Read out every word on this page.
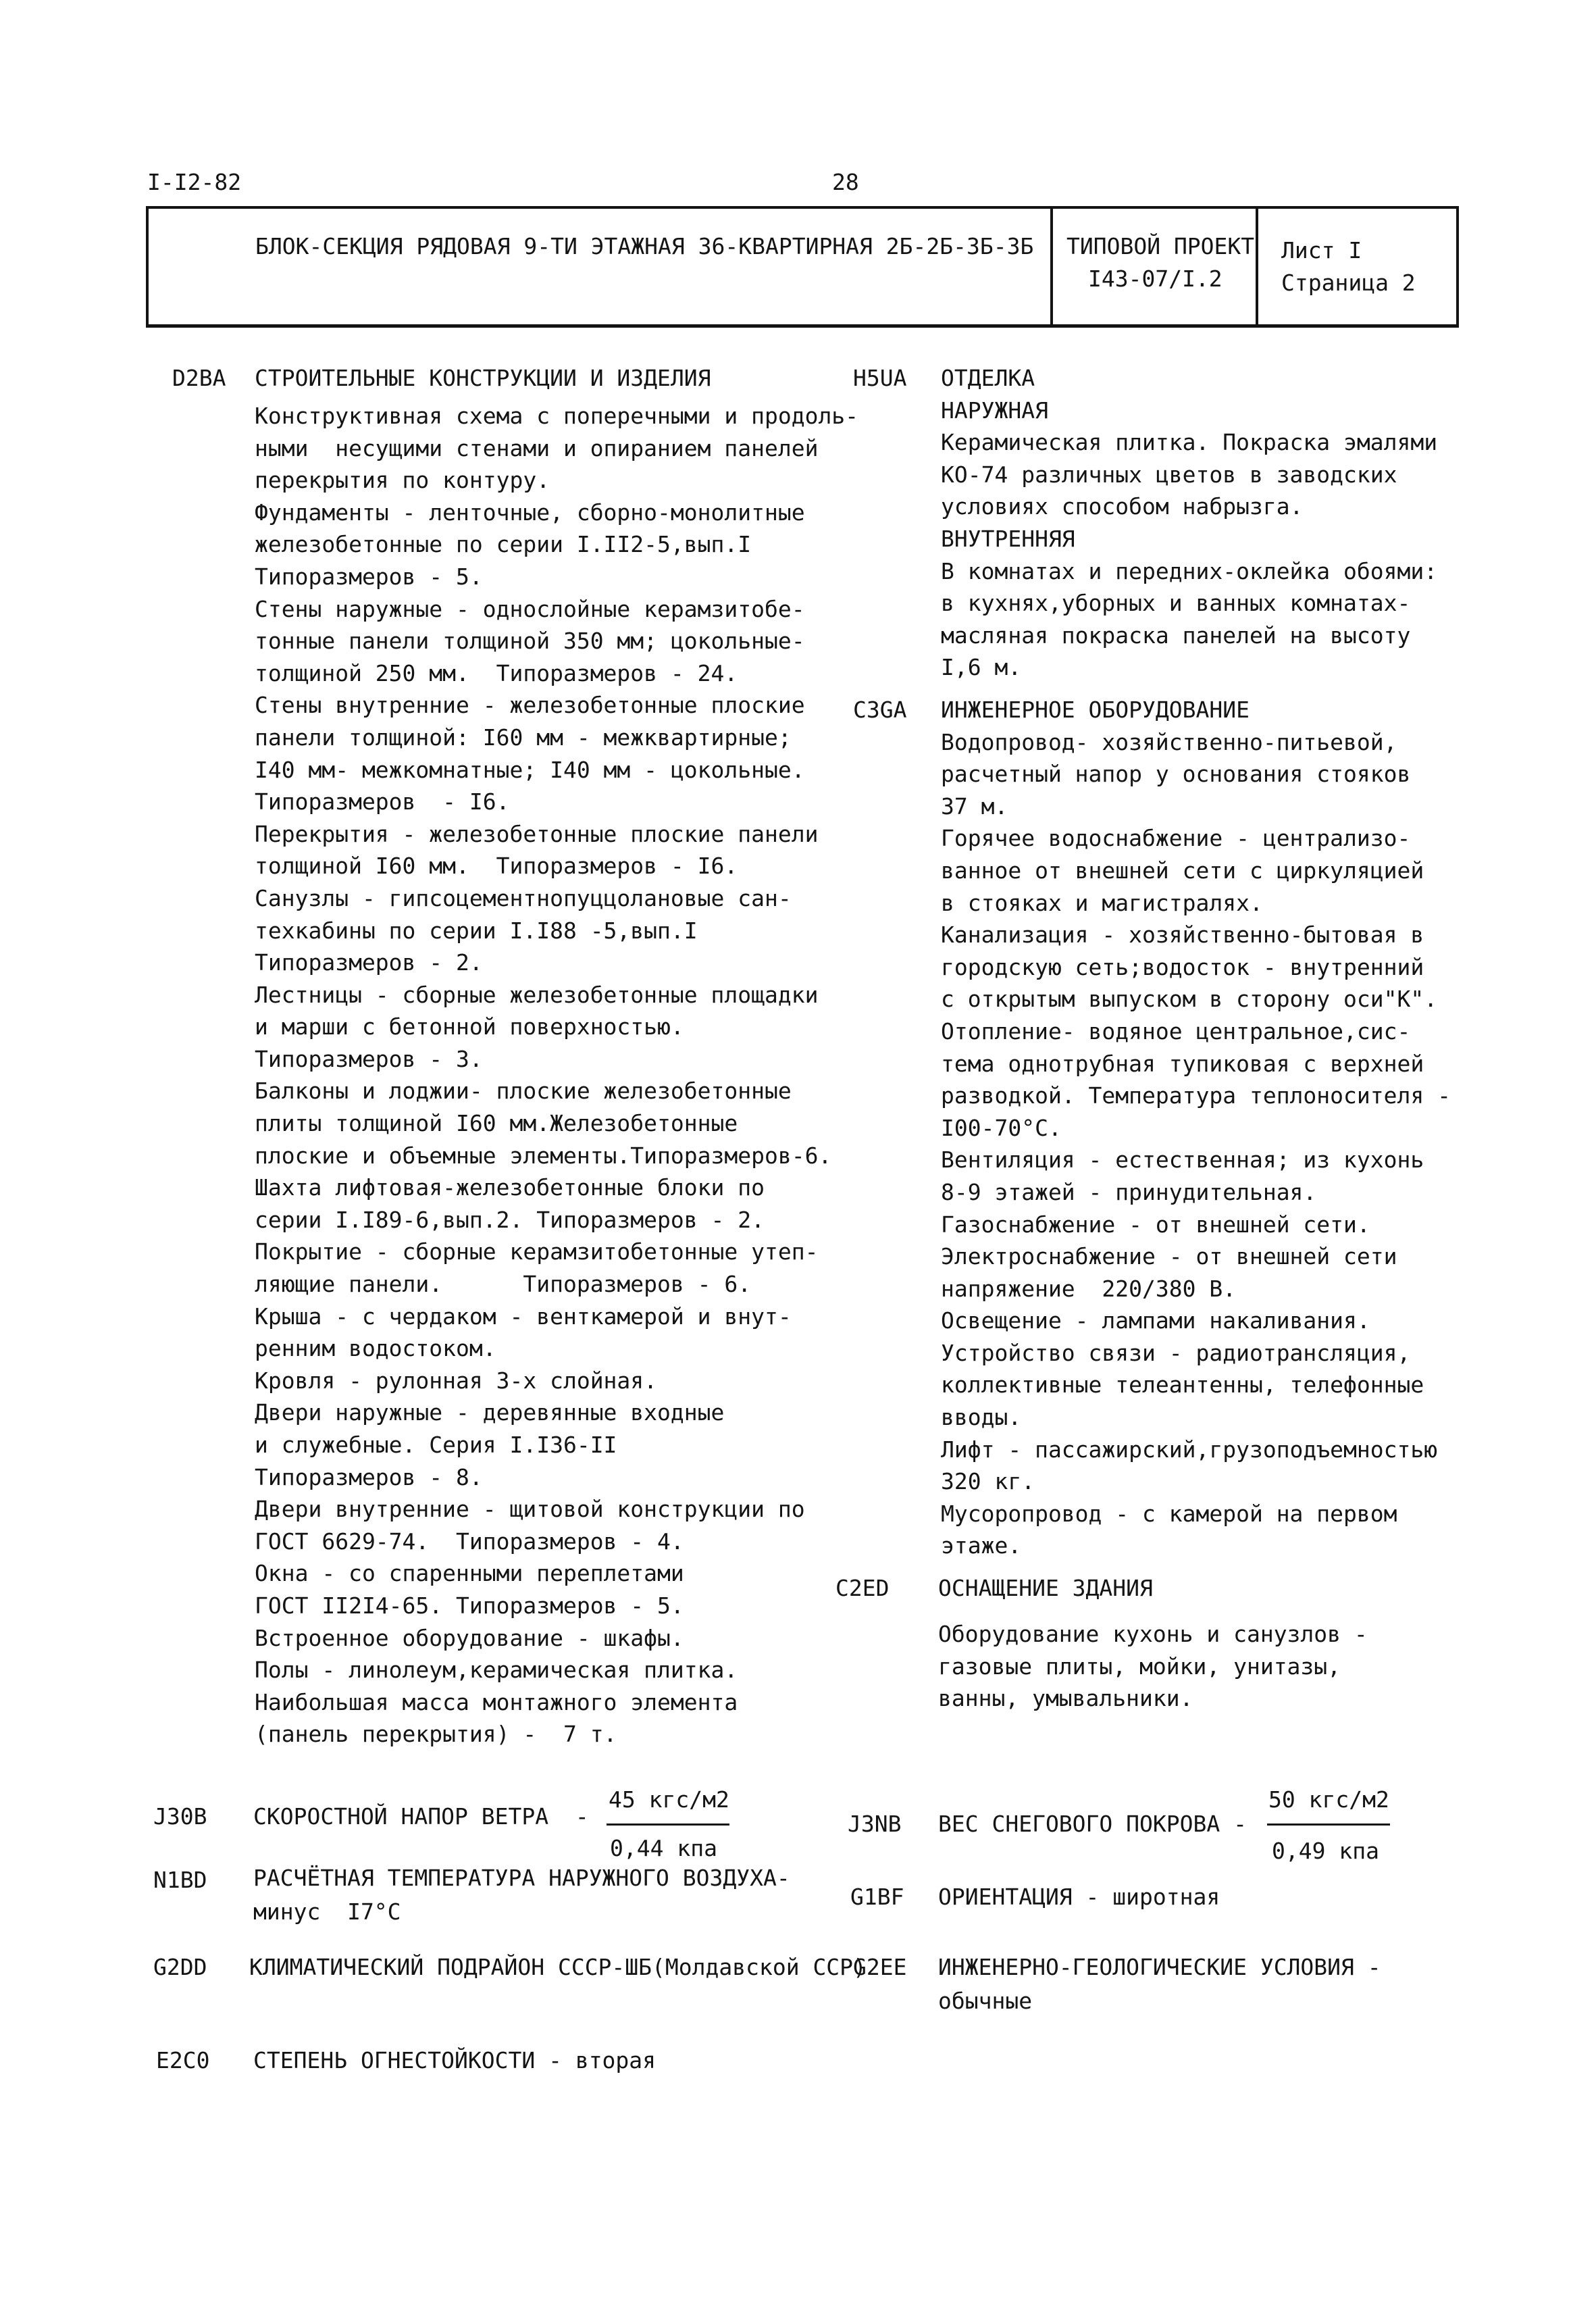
I-I2-82	28
БЛОК-СЕКЦИЯ РЯДОВАЯ 9-ТИ ЭТАЖНАЯ 36-КВАРТИРНАЯ 2Б-2Б-3Б-3Б ТИПОВОЙ ПРОЕКТ
I43-07/I.2
Лист I
Страница 2
D2BA СТРОИТЕЛЬНЫЕ КОНСТРУКЦИИ И ИЗДЕЛИЯ
Конструктивная схема с поперечными и продоль-
ными  несущими стенами и опиранием панелей
перекрытия по контуру.
Фундаменты - ленточные, сборно-монолитные
железобетонные по серии I.II2-5,вып.I
Типоразмеров - 5.
Стены наружные - однослойные керамзитобе-
тонные панели толщиной 350 мм; цокольные-
толщиной 250 мм.  Типоразмеров - 24.
Стены внутренние - железобетонные плоские
панели толщиной: I60 мм - межквартирные;
I40 мм- межкомнатные; I40 мм - цокольные.
Типоразмеров  - I6.
Перекрытия - железобетонные плоские панели
толщиной I60 мм.  Типоразмеров - I6.
Санузлы - гипсоцементнопуццолановые сан-
техкабины по серии I.I88 -5,вып.I
Типоразмеров - 2.
Лестницы - сборные железобетонные площадки
и марши с бетонной поверхностью.
Типоразмеров - 3.
Балконы и лоджии- плоские железобетонные
плиты толщиной I60 мм.Железобетонные
плоские и объемные элементы.Типоразмеров-6.
Шахта лифтовая-железобетонные блоки по
серии I.I89-6,вып.2. Типоразмеров - 2.
Покрытие - сборные керамзитобетонные утеп-
ляющие панели.      Типоразмеров - 6.
Крыша - с чердаком - венткамерой и внут-
ренним водостоком.
Кровля - рулонная 3-х слойная.
Двери наружные - деревянные входные
и служебные. Серия I.I36-II
Типоразмеров - 8.
Двери внутренние - щитовой конструкции по
ГОСТ 6629-74.  Типоразмеров - 4.
Окна - со спаренными переплетами
ГОСТ II2I4-65. Типоразмеров - 5.
Встроенное оборудование - шкафы.
Полы - линолеум,керамическая плитка.
Наибольшая масса монтажного элемента
(панель перекрытия) -  7 т.
H5UA ОТДЕЛКА
НАРУЖНАЯ
Керамическая плитка. Покраска эмалями
КО-74 различных цветов в заводских
условиях способом набрызга.
ВНУТРЕННЯЯ
В комнатах и передних-оклейка обоями:
в кухнях,уборных и ванных комнатах-
масляная покраска панелей на высоту
I,6 м.
C3GA ИНЖЕНЕРНОЕ ОБОРУДОВАНИЕ
Водопровод- хозяйственно-питьевой,
расчетный напор у основания стояков
37 м.
Горячее водоснабжение - централизо-
ванное от внешней сети с циркуляцией
в стояках и магистралях.
Канализация - хозяйственно-бытовая в
городскую сеть;водосток - внутренний
с открытым выпуском в сторону оси"К".
Отопление- водяное центральное,сис-
тема однотрубная тупиковая с верхней
разводкой. Температура теплоносителя -
I00-70°C.
Вентиляция - естественная; из кухонь
8-9 этажей - принудительная.
Газоснабжение - от внешней сети.
Электроснабжение - от внешней сети
напряжение  220/380 В.
Освещение - лампами накаливания.
Устройство связи - радиотрансляция,
коллективные телеантенны, телефонные
вводы.
Лифт - пассажирский,грузоподъемностью
320 кг.
Мусоропровод - с камерой на первом
этаже.
C2ED ОСНАЩЕНИЕ ЗДАНИЯ
Оборудование кухонь и санузлов -
газовые плиты, мойки, унитазы,
ванны, умывальники.
J30B СКОРОСТНОЙ НАПОР ВЕТРА  -
45 кгс/м2
0,44 кпа
J3NB ВЕС СНЕГОВОГО ПОКРОВА -
50 кгс/м2
0,49 кпа
N1BD РАСЧЁТНАЯ ТЕМПЕРАТУРА НАРУЖНОГО ВОЗДУХА-
минус  I7°C
G1BF ОРИЕНТАЦИЯ - широтная
G2DD КЛИМАТИЧЕСКИЙ ПОДРАЙОН СССР-ШБ(Молдавской ССР)
G2EE ИНЖЕНЕРНО-ГЕОЛОГИЧЕСКИЕ УСЛОВИЯ -
обычные
E2C0 СТЕПЕНЬ ОГНЕСТОЙКОСТИ - вторая
